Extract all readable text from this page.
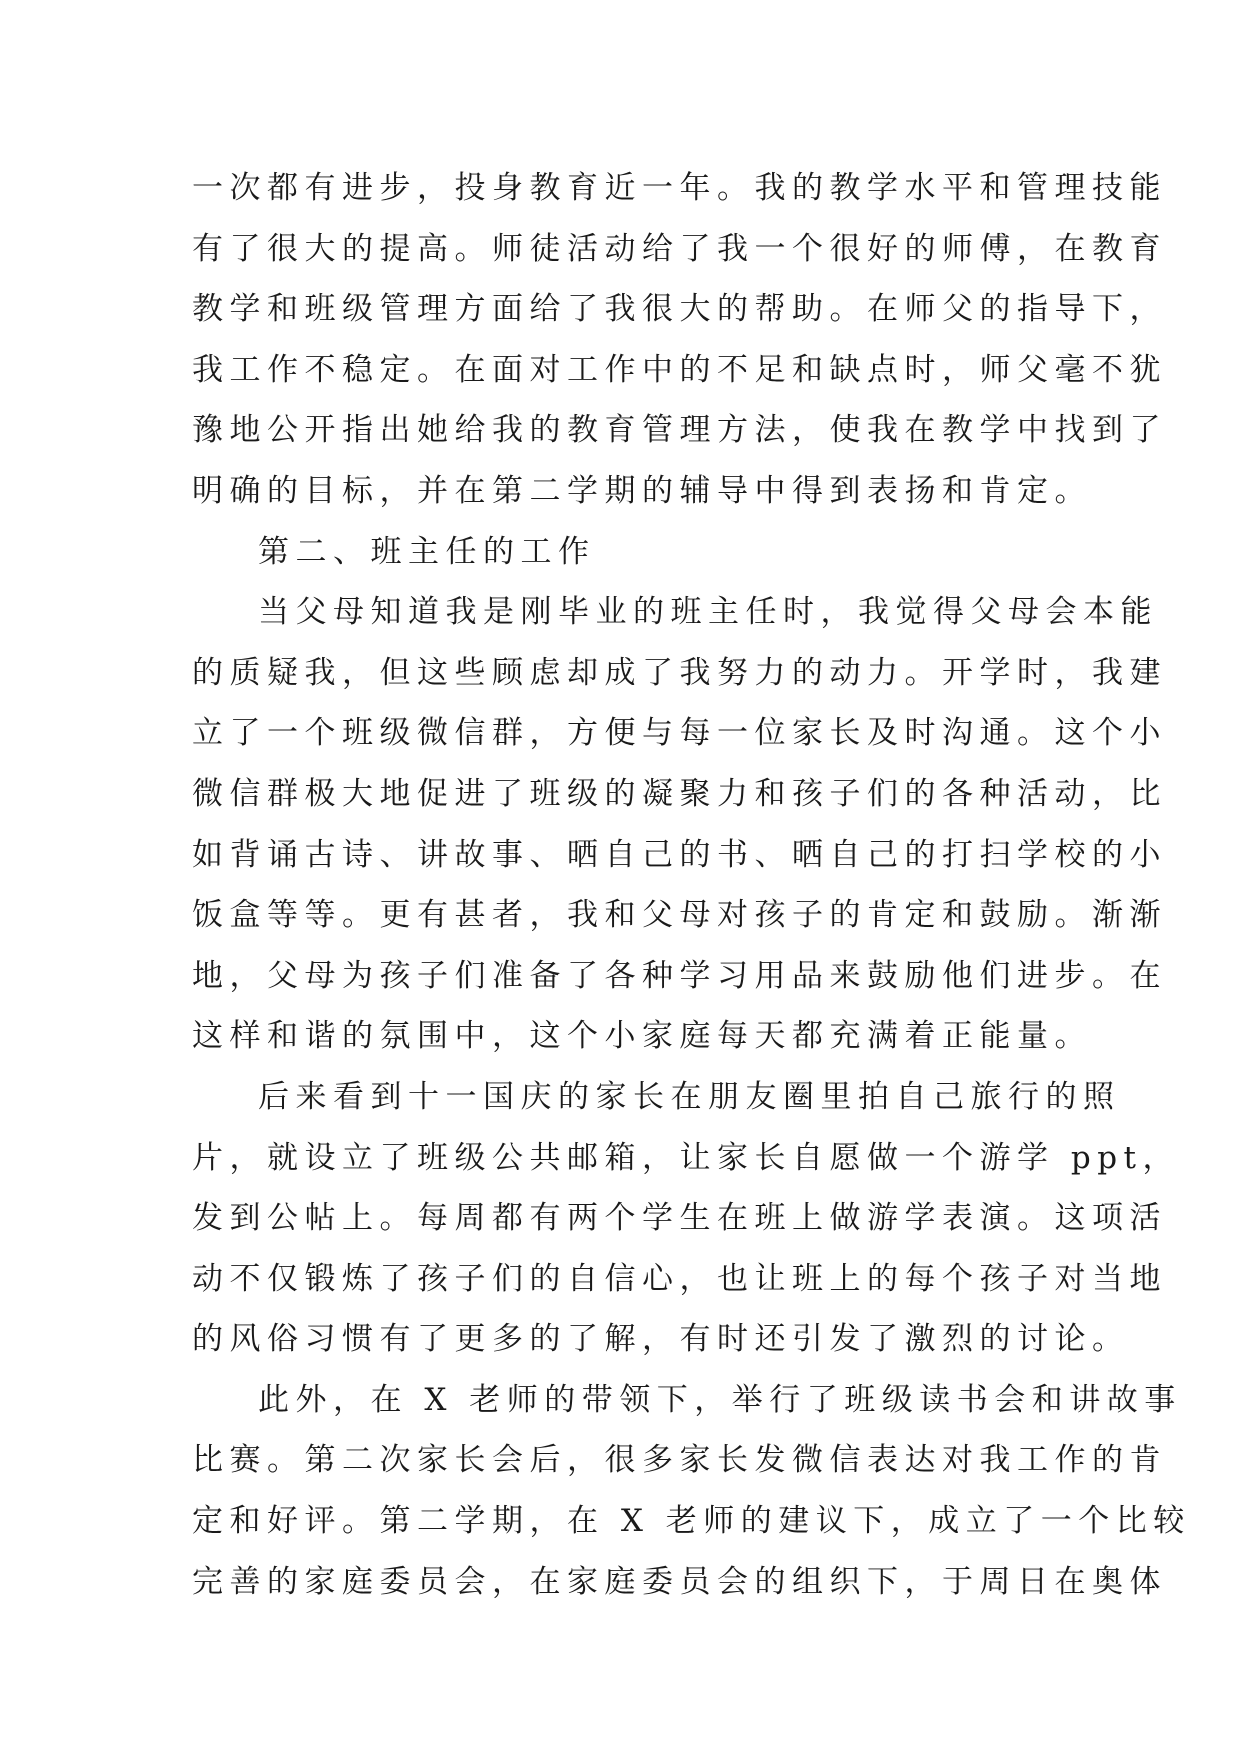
一次都有进步，投身教育近一年。我的教学水平和管理技能
有了很大的提高。师徒活动给了我一个很好的师傅，在教育
教学和班级管理方面给了我很大的帮助。在师父的指导下，
我工作不稳定。在面对工作中的不足和缺点时，师父毫不犹
豫地公开指出她给我的教育管理方法，使我在教学中找到了
明确的目标，并在第二学期的辅导中得到表扬和肯定。
第二、班主任的工作
当父母知道我是刚毕业的班主任时，我觉得父母会本能
的质疑我，但这些顾虑却成了我努力的动力。开学时，我建
立了一个班级微信群，方便与每一位家长及时沟通。这个小
微信群极大地促进了班级的凝聚力和孩子们的各种活动，比
如背诵古诗、讲故事、晒自己的书、晒自己的打扫学校的小
饭盒等等。更有甚者，我和父母对孩子的肯定和鼓励。渐渐
地，父母为孩子们准备了各种学习用品来鼓励他们进步。在
这样和谐的氛围中，这个小家庭每天都充满着正能量。
后来看到十一国庆的家长在朋友圈里拍自己旅行的照
片，就设立了班级公共邮箱，让家长自愿做一个游学 ppt，
发到公帖上。每周都有两个学生在班上做游学表演。这项活
动不仅锻炼了孩子们的自信心，也让班上的每个孩子对当地
的风俗习惯有了更多的了解，有时还引发了激烈的讨论。
此外，在 X 老师的带领下，举行了班级读书会和讲故事
比赛。第二次家长会后，很多家长发微信表达对我工作的肯
定和好评。第二学期，在 X 老师的建议下，成立了一个比较
完善的家庭委员会，在家庭委员会的组织下，于周日在奥体
